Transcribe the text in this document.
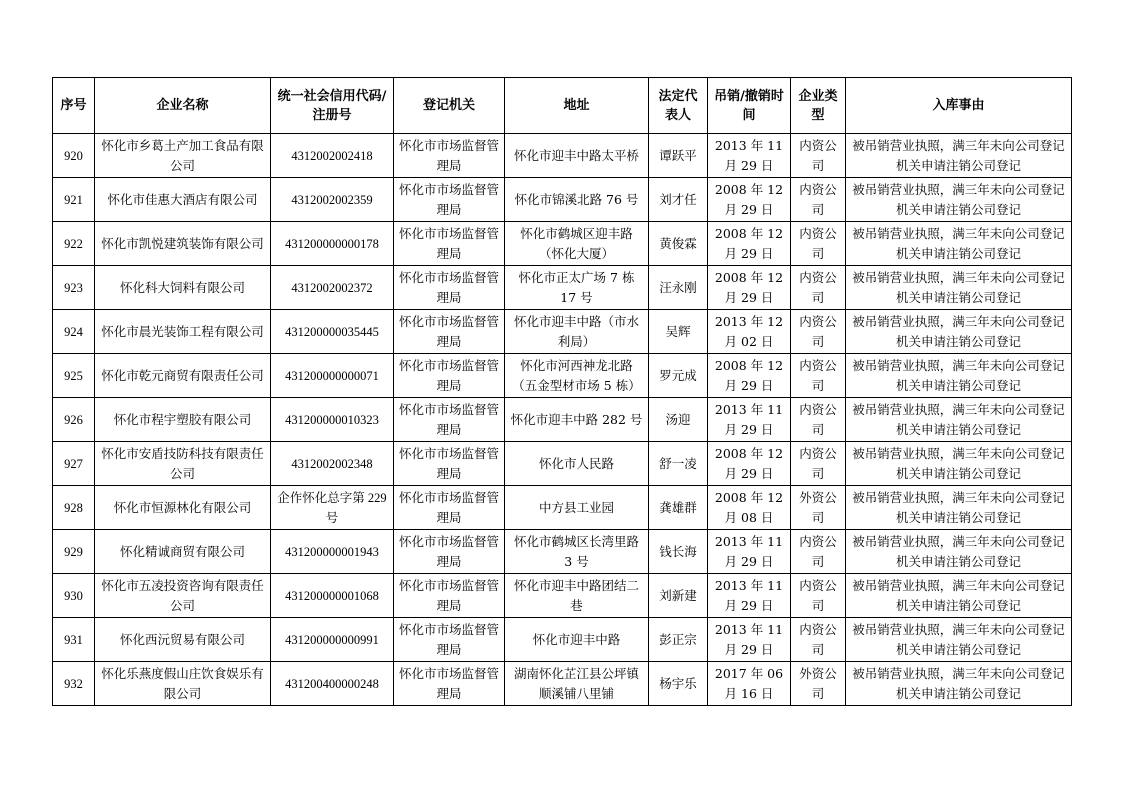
序号	企业名称	统一社会信用代码/注册号	登记机关	地址	法定代表人	吊销/撤销时间	企业类型	入库事由
920	怀化市乡葛土产加工食品有限公司	4312002002418	怀化市市场监督管理局	怀化市迎丰中路太平桥	谭跃平	2013 年 11 月 29 日	内资公司	被吊销营业执照，满三年未向公司登记机关申请注销公司登记
921	怀化市佳惠大酒店有限公司	4312002002359	怀化市市场监督管理局	怀化市锦溪北路 76 号	刘才任	2008 年 12 月 29 日	内资公司	被吊销营业执照，满三年未向公司登记机关申请注销公司登记
922	怀化市凯悦建筑装饰有限公司	431200000000178	怀化市市场监督管理局	怀化市鹤城区迎丰路（怀化大厦）	黄俊霖	2008 年 12 月 29 日	内资公司	被吊销营业执照，满三年未向公司登记机关申请注销公司登记
923	怀化科大饲料有限公司	4312002002372	怀化市市场监督管理局	怀化市正太广场 7 栋 17 号	汪永刚	2008 年 12 月 29 日	内资公司	被吊销营业执照，满三年未向公司登记机关申请注销公司登记
924	怀化市晨光装饰工程有限公司	431200000035445	怀化市市场监督管理局	怀化市迎丰中路（市水利局）	吴辉	2013 年 12 月 02 日	内资公司	被吊销营业执照，满三年未向公司登记机关申请注销公司登记
925	怀化市乾元商贸有限责任公司	431200000000071	怀化市市场监督管理局	怀化市河西神龙北路（五金型材市场 5 栋）	罗元成	2008 年 12 月 29 日	内资公司	被吊销营业执照，满三年未向公司登记机关申请注销公司登记
926	怀化市程宇塑胶有限公司	431200000010323	怀化市市场监督管理局	怀化市迎丰中路 282 号	汤迎	2013 年 11 月 29 日	内资公司	被吊销营业执照，满三年未向公司登记机关申请注销公司登记
927	怀化市安盾技防科技有限责任公司	4312002002348	怀化市市场监督管理局	怀化市人民路	舒一凌	2008 年 12 月 29 日	内资公司	被吊销营业执照，满三年未向公司登记机关申请注销公司登记
928	怀化市恒源林化有限公司	企作怀化总字第 229 号	怀化市市场监督管理局	中方县工业园	龚雄群	2008 年 12 月 08 日	外资公司	被吊销营业执照，满三年未向公司登记机关申请注销公司登记
929	怀化精诚商贸有限公司	431200000001943	怀化市市场监督管理局	怀化市鹤城区长湾里路 3 号	钱长海	2013 年 11 月 29 日	内资公司	被吊销营业执照，满三年未向公司登记机关申请注销公司登记
930	怀化市五凌投资咨询有限责任公司	431200000001068	怀化市市场监督管理局	怀化市迎丰中路团结二巷	刘新建	2013 年 11 月 29 日	内资公司	被吊销营业执照，满三年未向公司登记机关申请注销公司登记
931	怀化西沅贸易有限公司	431200000000991	怀化市市场监督管理局	怀化市迎丰中路	彭正宗	2013 年 11 月 29 日	内资公司	被吊销营业执照，满三年未向公司登记机关申请注销公司登记
932	怀化乐燕度假山庄饮食娱乐有限公司	431200400000248	怀化市市场监督管理局	湖南怀化芷江县公坪镇顺溪铺八里铺	杨宇乐	2017 年 06 月 16 日	外资公司	被吊销营业执照，满三年未向公司登记机关申请注销公司登记
